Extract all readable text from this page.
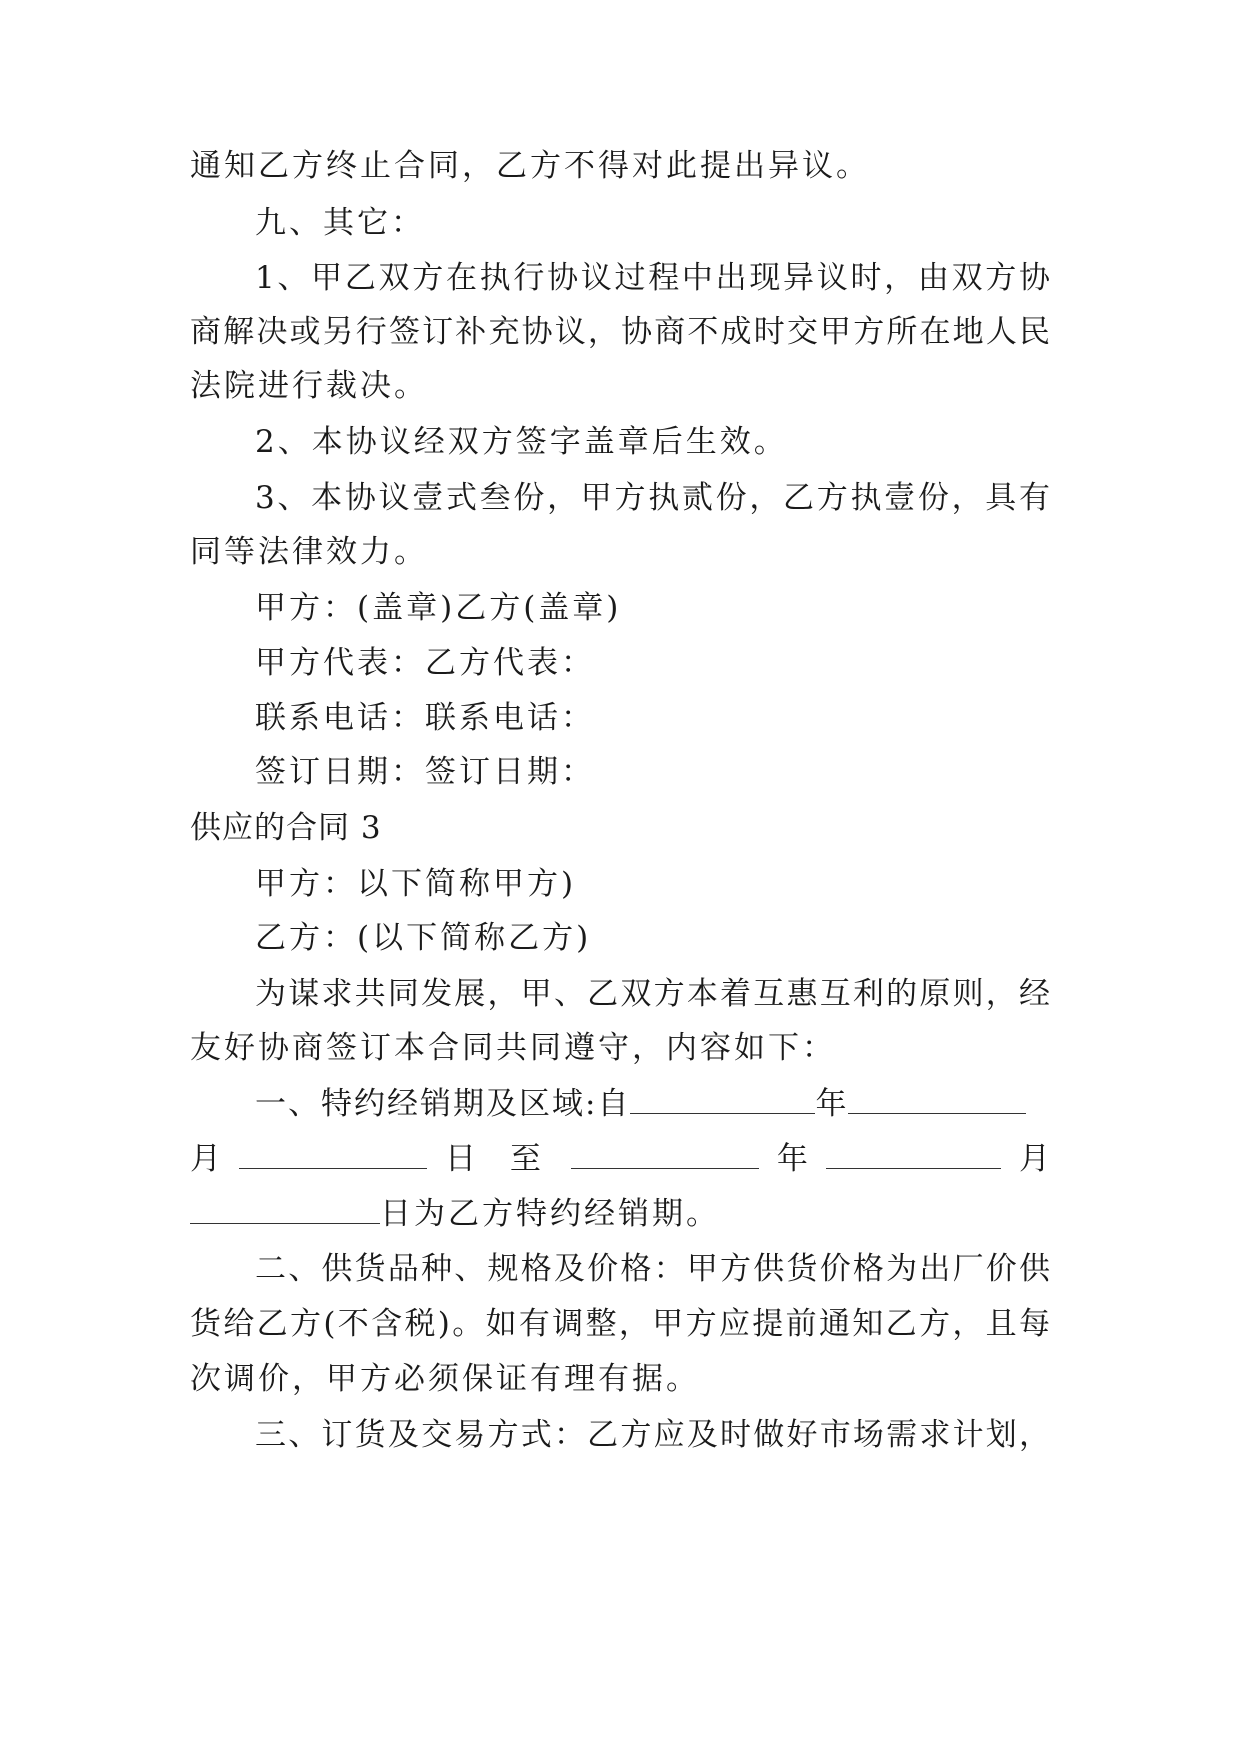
通知乙方终止合同，乙方不得对此提出异议。
九、其它：
1、甲乙双方在执行协议过程中出现异议时，由双方协
商解决或另行签订补充协议，协商不成时交甲方所在地人民
法院进行裁决。
2、本协议经双方签字盖章后生效。
3、本协议壹式叁份，甲方执贰份，乙方执壹份，具有
同等法律效力。
甲方：(盖章)乙方(盖章)
甲方代表：乙方代表：
联系电话：联系电话：
签订日期：签订日期：
供应的合同 3
甲方：以下简称甲方)
乙方：(以下简称乙方)
为谋求共同发展，甲、乙双方本着互惠互利的原则，经
友好协商签订本合同共同遵守，内容如下：
一、特约经销期及区域:自	年
月	日 至	年	月
日为乙方特约经销期。
二、供货品种、规格及价格：甲方供货价格为出厂价供
货给乙方(不含税)。如有调整，甲方应提前通知乙方，且每
次调价，甲方必须保证有理有据。
三、订货及交易方式：乙方应及时做好市场需求计划，
